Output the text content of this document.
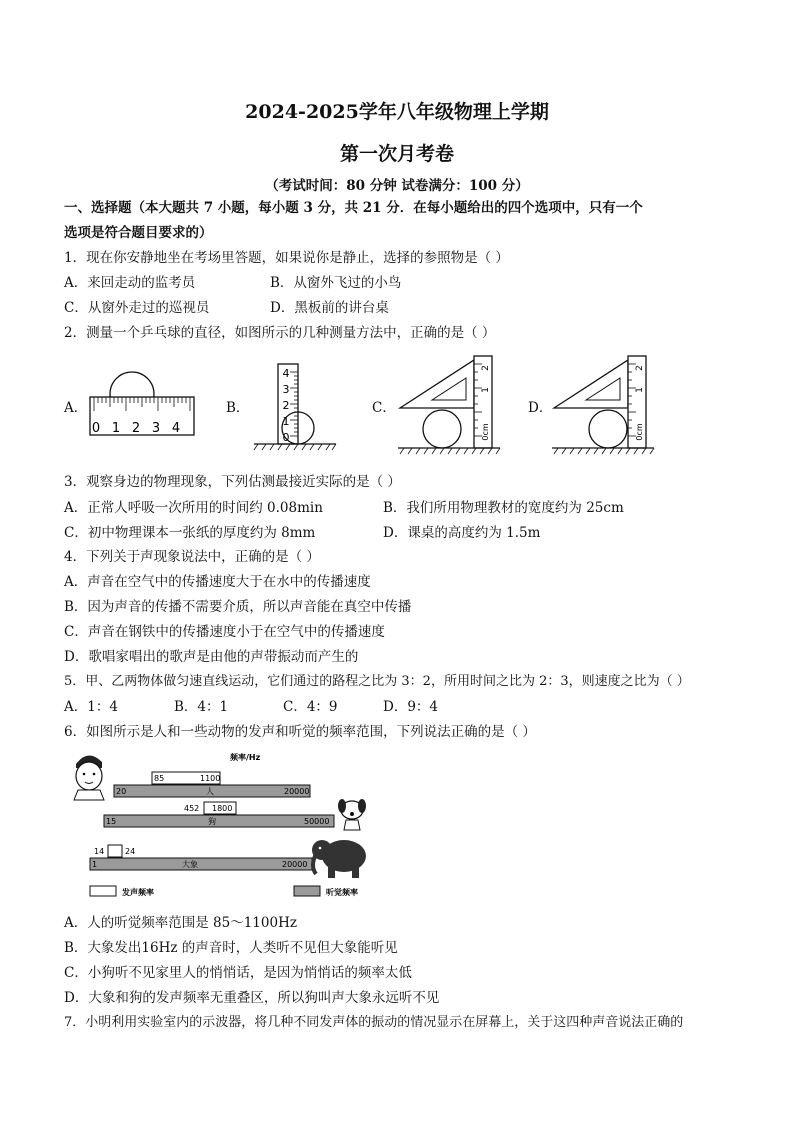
2024-2025学年八年级物理上学期
第一次月考卷
（考试时间：80 分钟 试卷满分：100 分）
一、选择题（本大题共 7 小题，每小题 3 分，共 21 分．在每小题给出的四个选项中，只有一个
选项是符合题目要求的）
1．现在你安静地坐在考场里答题，如果说你是静止，选择的参照物是（ ）
A．来回走动的监考员	B．从窗外飞过的小鸟
C．从窗外走过的巡视员	D．黑板前的讲台桌
2．测量一个乒乓球的直径，如图所示的几种测量方法中，正确的是（ ）
A．	B．	C．	D．
0 1 2 3 4
4
3
2
1
0
1
2
0cm
1
2
0cm
3．观察身边的物理现象，下列估测最接近实际的是（ ）
A．正常人呼吸一次所用的时间约 0.08min	B．我们所用物理教材的宽度约为 25cm
C．初中物理课本一张纸的厚度约为 8mm	D．课桌的高度约为 1.5m
4．下列关于声现象说法中，正确的是（ ）
A．声音在空气中的传播速度大于在水中的传播速度
B．因为声音的传播不需要介质，所以声音能在真空中传播
C．声音在钢铁中的传播速度小于在空气中的传播速度
D．歌唱家唱出的歌声是由他的声带振动而产生的
5．甲、乙两物体做匀速直线运动，它们通过的路程之比为 3：2，所用时间之比为 2：3，则速度之比为（ ）
A．1：4	B．4：1	C．4：9	D．9：4
6．如图所示是人和一些动物的发声和听觉的频率范围，下列说法正确的是（ ）
频率/Hz
85	1100
20	人	20000
452 1800
15	狗	50000
14	24
1	大象	20000
发声频率	听觉频率
A．人的听觉频率范围是 85～1100Hz
B．大象发出16Hz 的声音时，人类听不见但大象能听见
C．小狗听不见家里人的悄悄话，是因为悄悄话的频率太低
D．大象和狗的发声频率无重叠区，所以狗叫声大象永远听不见
7．小明利用实验室内的示波器，将几种不同发声体的振动的情况显示在屏幕上，关于这四种声音说法正确的
